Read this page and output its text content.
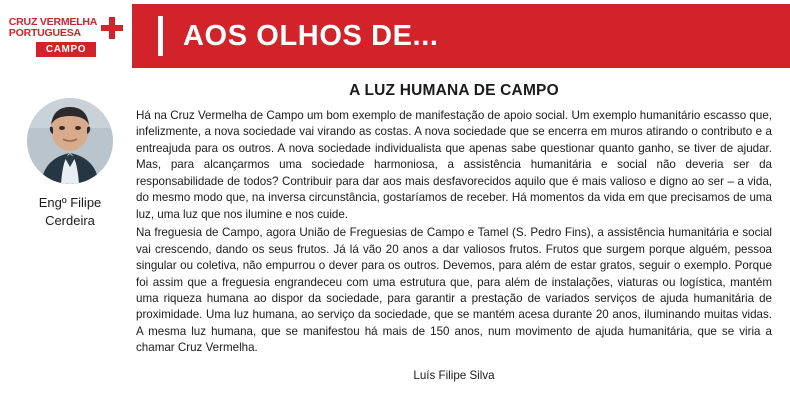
CRUZ VERMELHA
PORTUGUESA
CAMPO	AOS OLHOS DE...
Engº Filipe
Cerdeira
A LUZ HUMANA DE CAMPO

Há na Cruz Vermelha de Campo um bom exemplo de manifestação de apoio social. Um exemplo humanitário escasso que, infelizmente, a nova sociedade vai virando as costas. A nova sociedade que se encerra em muros atirando o contributo e a entreajuda para os outros. A nova sociedade individualista que apenas sabe questionar quanto ganho, se tiver de ajudar. Mas, para alcançarmos uma sociedade harmoniosa, a assistência humanitária e social não deveria ser da responsabilidade de todos? Contribuir para dar aos mais desfavorecidos aquilo que é mais valioso e digno ao ser – a vida, do mesmo modo que, na inversa circunstância, gostaríamos de receber. Há momentos da vida em que precisamos de uma luz, uma luz que nos ilumine e nos cuide.

Na freguesia de Campo, agora União de Freguesias de Campo e Tamel (S. Pedro Fins), a assistência humanitária e social vai crescendo, dando os seus frutos. Já lá vão 20 anos a dar valiosos frutos. Frutos que surgem porque alguém, pessoa singular ou coletiva, não empurrou o dever para os outros. Devemos, para além de estar gratos, seguir o exemplo. Porque foi assim que a freguesia engrandeceu com uma estrutura que, para além de instalações, viaturas ou logística, mantém uma riqueza humana ao dispor da sociedade, para garantir a prestação de variados serviços de ajuda humanitária de proximidade. Uma luz humana, ao serviço da sociedade, que se mantém acesa durante 20 anos, iluminando muitas vidas. A mesma luz humana, que se manifestou há mais de 150 anos, num movimento de ajuda humanitária, que se viria a chamar Cruz Vermelha.

Luís Filipe Silva
